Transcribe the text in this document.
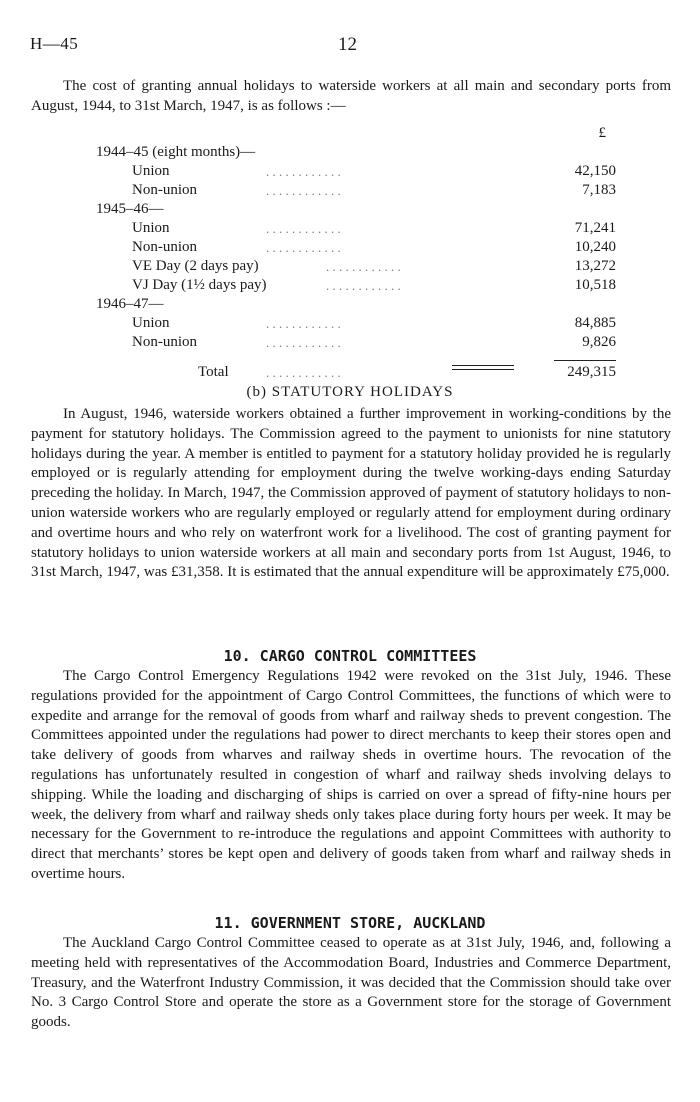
H—45	12
The cost of granting annual holidays to waterside workers at all main and secondary ports from August, 1944, to 31st March, 1947, is as follows :—
£
1944–45 (eight months)—
Union	. . . . . . . . . . . .	42,150
Non-union	. . . . . . . . . . . .	7,183
1945–46—
Union	. . . . . . . . . . . .	71,241
Non-union	. . . . . . . . . . . .	10,240
VE Day (2 days pay)	. . . . . . . . . . . .	13,272
VJ Day (1½ days pay)	. . . . . . . . . . . .	10,518
1946–47—
Union	. . . . . . . . . . . .	84,885
Non-union	. . . . . . . . . . . .	9,826
Total	. . . . . . . . . . . .	249,315
(b) STATUTORY HOLIDAYS
In August, 1946, waterside workers obtained a further improvement in working-conditions by the payment for statutory holidays. The Commission agreed to the payment to unionists for nine statutory holidays during the year. A member is entitled to payment for a statutory holiday provided he is regularly employed or is regularly attending for employment during the twelve working-days ending Saturday preceding the holiday. In March, 1947, the Commission approved of payment of statutory holidays to non-union waterside workers who are regularly employed or regularly attend for employment during ordinary and overtime hours and who rely on waterfront work for a livelihood. The cost of granting payment for statutory holidays to union waterside workers at all main and secondary ports from 1st August, 1946, to 31st March, 1947, was £31,358. It is estimated that the annual expenditure will be approximately £75,000.
10. CARGO CONTROL COMMITTEES
The Cargo Control Emergency Regulations 1942 were revoked on the 31st July, 1946. These regulations provided for the appointment of Cargo Control Committees, the functions of which were to expedite and arrange for the removal of goods from wharf and railway sheds to prevent congestion. The Committees appointed under the regulations had power to direct merchants to keep their stores open and take delivery of goods from wharves and railway sheds in overtime hours. The revocation of the regulations has unfortunately resulted in congestion of wharf and railway sheds involving delays to shipping. While the loading and discharging of ships is carried on over a spread of fifty-nine hours per week, the delivery from wharf and railway sheds only takes place during forty hours per week. It may be necessary for the Government to re-introduce the regulations and appoint Committees with authority to direct that merchants’ stores be kept open and delivery of goods taken from wharf and railway sheds in overtime hours.
11. GOVERNMENT STORE, AUCKLAND
The Auckland Cargo Control Committee ceased to operate as at 31st July, 1946, and, following a meeting held with representatives of the Accommodation Board, Industries and Commerce Department, Treasury, and the Waterfront Industry Commission, it was decided that the Commission should take over No. 3 Cargo Control Store and operate the store as a Government store for the storage of Government goods.
